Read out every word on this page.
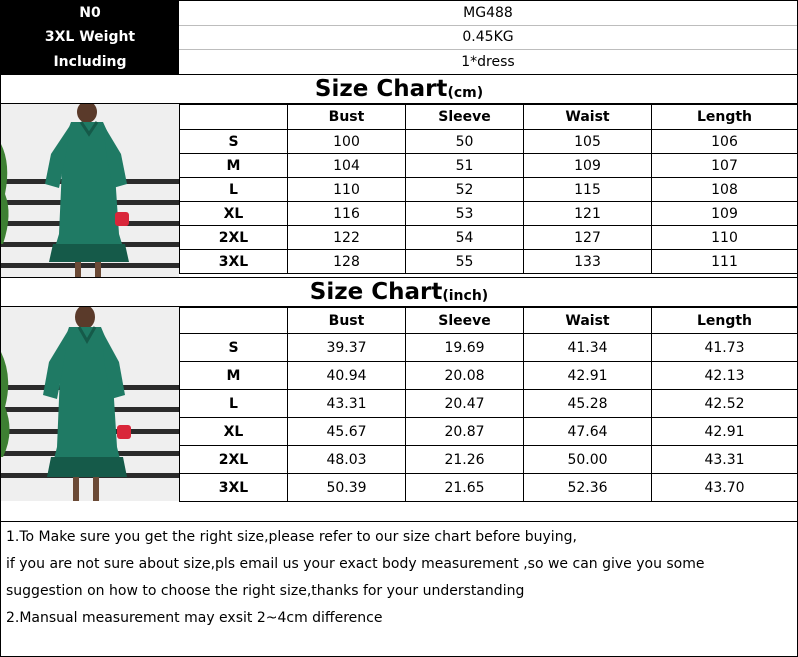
N0	MG488
3XL Weight	0.45KG
Including	1*dress
Size Chart (cm)
	Bust	Sleeve	Waist	Length
S	100	50	105	106
M	104	51	109	107
L	110	52	115	108
XL	116	53	121	109
2XL	122	54	127	110
3XL	128	55	133	111
Size Chart (inch)
	Bust	Sleeve	Waist	Length
S	39.37	19.69	41.34	41.73
M	40.94	20.08	42.91	42.13
L	43.31	20.47	45.28	42.52
XL	45.67	20.87	47.64	42.91
2XL	48.03	21.26	50.00	43.31
3XL	50.39	21.65	52.36	43.70
1.To Make sure you get the right size,please refer to our size chart before buying,
if you are not sure about size,pls email us your exact body measurement ,so we can give you some
suggestion on how to choose the right size,thanks for your understanding
2.Mansual measurement may exsit 2~4cm difference
